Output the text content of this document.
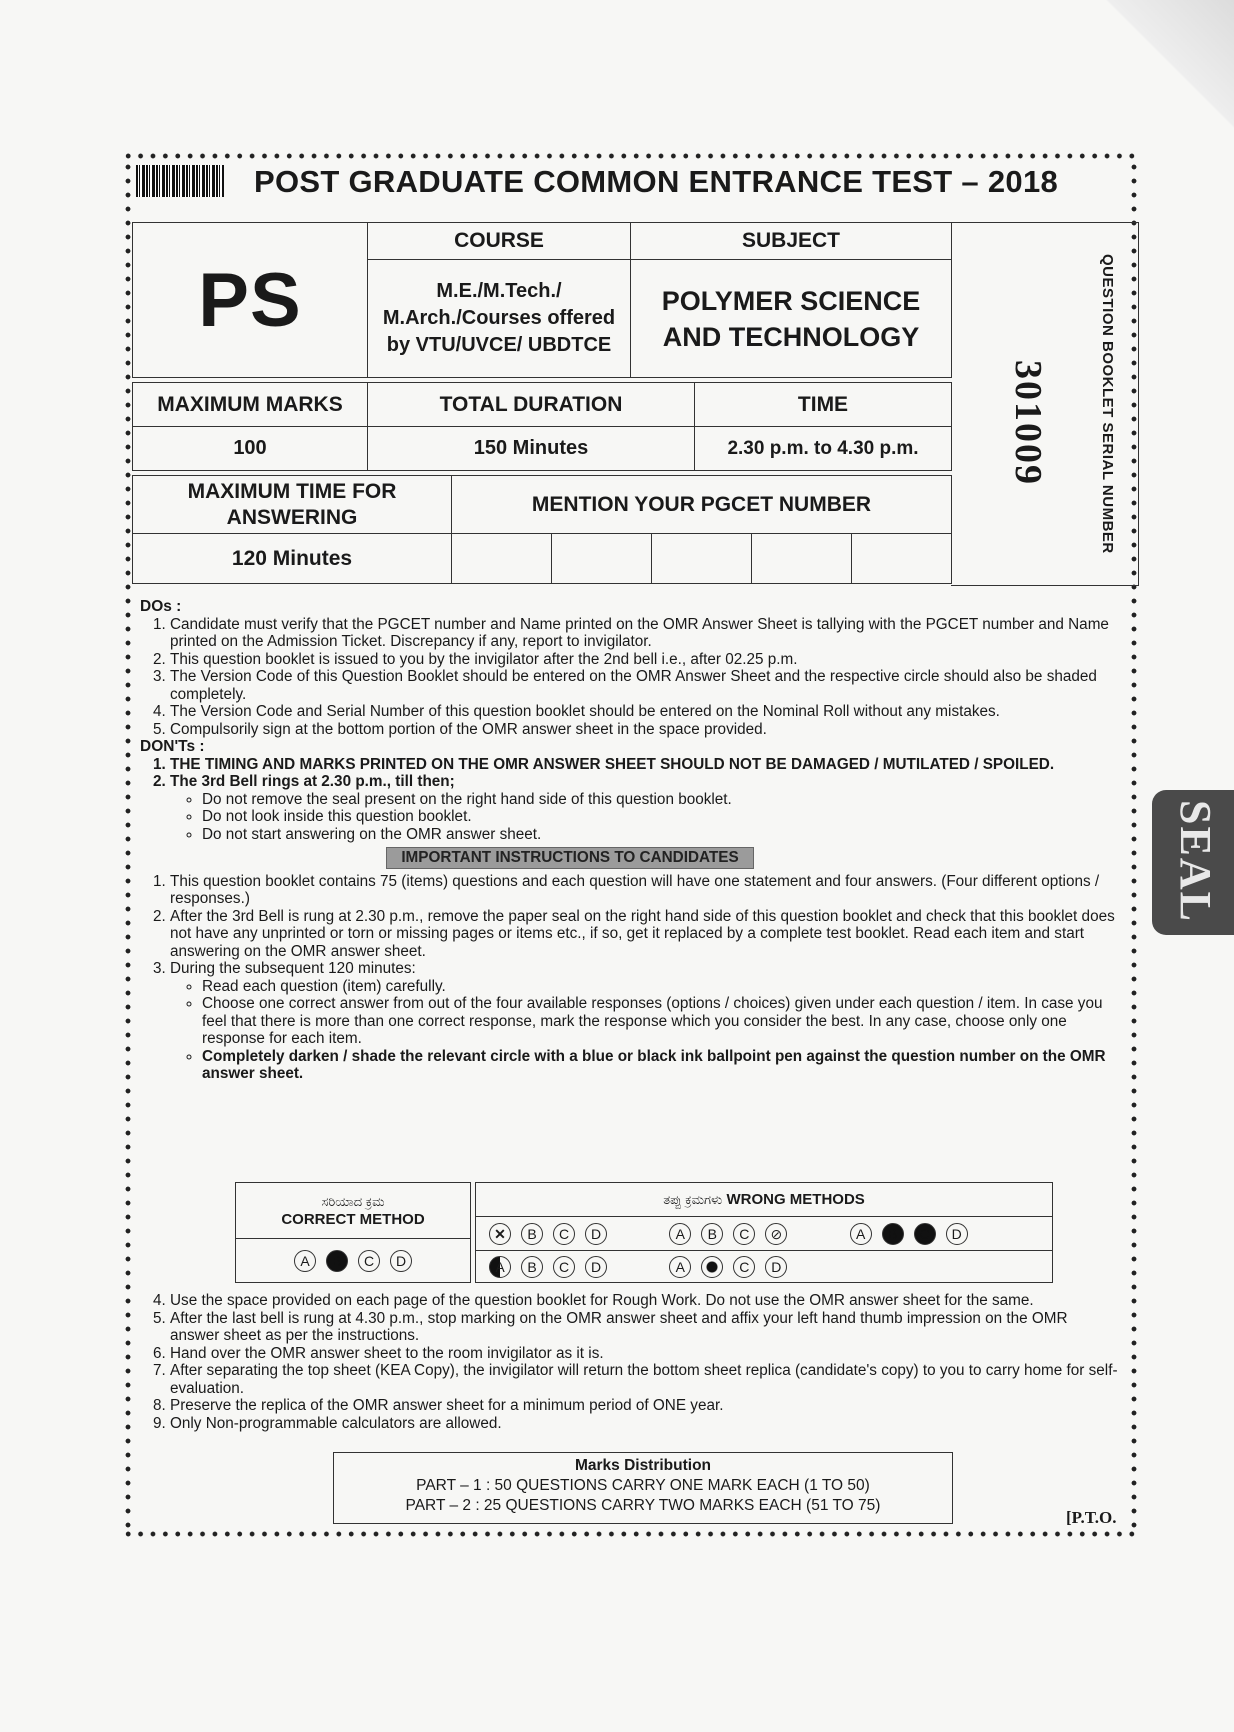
POST GRADUATE COMMON ENTRANCE TEST – 2018
PS	COURSE	SUBJECT
	M.E./M.Tech./ M.Arch./Courses offered by VTU/UVCE/ UBDTCE	POLYMER SCIENCE AND TECHNOLOGY
MAXIMUM MARKS	TOTAL DURATION	TIME
100	150 Minutes	2.30 p.m. to 4.30 p.m.
MAXIMUM TIME FOR ANSWERING	MENTION YOUR PGCET NUMBER				
120 Minutes					
301009	QUESTION BOOKLET SERIAL NUMBER
DOs :
1. Candidate must verify that the PGCET number and Name printed on the OMR Answer Sheet is tallying with the PGCET number and Name printed on the Admission Ticket. Discrepancy if any, report to invigilator.
2. This question booklet is issued to you by the invigilator after the 2nd bell i.e., after 02.25 p.m.
3. The Version Code of this Question Booklet should be entered on the OMR Answer Sheet and the respective circle should also be shaded completely.
4. The Version Code and Serial Number of this question booklet should be entered on the Nominal Roll without any mistakes.
5. Compulsorily sign at the bottom portion of the OMR answer sheet in the space provided.
DON'Ts :
1. THE TIMING AND MARKS PRINTED ON THE OMR ANSWER SHEET SHOULD NOT BE DAMAGED / MUTILATED / SPOILED.
2. The 3rd Bell rings at 2.30 p.m., till then;
◦ Do not remove the seal present on the right hand side of this question booklet.
◦ Do not look inside this question booklet.
◦ Do not start answering on the OMR answer sheet.
IMPORTANT INSTRUCTIONS TO CANDIDATES
1. This question booklet contains 75 (items) questions and each question will have one statement and four answers. (Four different options / responses.)
2. After the 3rd Bell is rung at 2.30 p.m., remove the paper seal on the right hand side of this question booklet and check that this booklet does not have any unprinted or torn or missing pages or items etc., if so, get it replaced by a complete test booklet. Read each item and start answering on the OMR answer sheet.
3. During the subsequent 120 minutes:
◦ Read each question (item) carefully.
◦ Choose one correct answer from out of the four available responses (options / choices) given under each question / item. In case you feel that there is more than one correct response, mark the response which you consider the best. In any case, choose only one response for each item.
◦ Completely darken / shade the relevant circle with a blue or black ink ballpoint pen against the question number on the OMR answer sheet.
ಸರಿಯಾದ ಕ್ರಮ
CORRECT METHOD

A B C D
ತಪ್ಪು ಕ್ರಮಗಳು WRONG METHODS
✕ B C D	A B C ⊘	A B C D
A B C D	A	C D
4. Use the space provided on each page of the question booklet for Rough Work. Do not use the OMR answer sheet for the same.
5. After the last bell is rung at 4.30 p.m., stop marking on the OMR answer sheet and affix your left hand thumb impression on the OMR answer sheet as per the instructions.
6. Hand over the OMR answer sheet to the room invigilator as it is.
7. After separating the top sheet (KEA Copy), the invigilator will return the bottom sheet replica (candidate's copy) to you to carry home for self-evaluation.
8. Preserve the replica of the OMR answer sheet for a minimum period of ONE year.
9. Only Non-programmable calculators are allowed.
Marks Distribution
PART – 1 : 50 QUESTIONS CARRY ONE MARK EACH (1 TO 50)
PART – 2 : 25 QUESTIONS CARRY TWO MARKS EACH (51 TO 75)
[P.T.O.
SEAL
